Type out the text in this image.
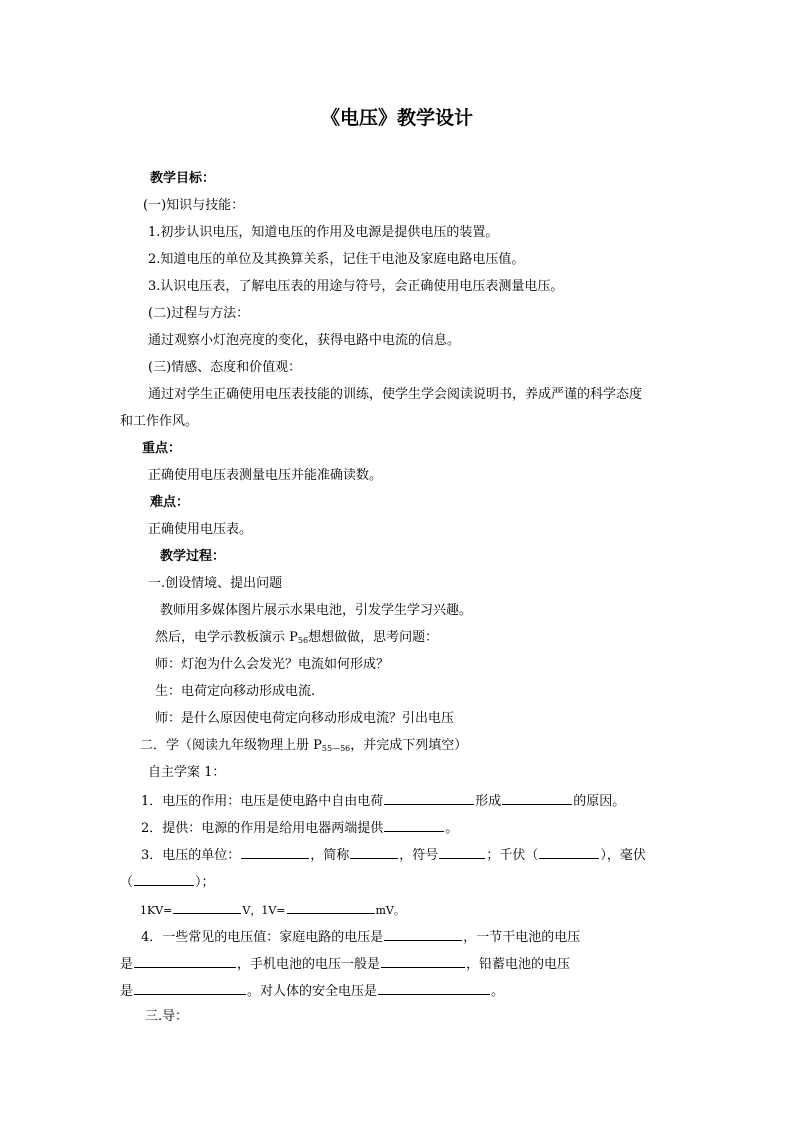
《电压》教学设计
教学目标：
(一)知识与技能：
1.初步认识电压，知道电压的作用及电源是提供电压的装置。
2.知道电压的单位及其换算关系，记住干电池及家庭电路电压值。
3.认识电压表，了解电压表的用途与符号，会正确使用电压表测量电压。
(二)过程与方法：
通过观察小灯泡亮度的变化，获得电路中电流的信息。
(三)情感、态度和价值观：
通过对学生正确使用电压表技能的训练，使学生学会阅读说明书，养成严谨的科学态度
和工作作风。
重点：
正确使用电压表测量电压并能准确读数。
难点：
正确使用电压表。
教学过程：
一.创设情境、提出问题
教师用多媒体图片展示水果电池，引发学生学习兴趣。
然后，电学示教板演示 $P_{56}$想想做做，思考问题：
师：灯泡为什么会发光？电流如何形成？
生：电荷定向移动形成电流.
师：是什么原因使电荷定向移动形成电流？引出电压
二．学（阅读九年级物理上册 $P_{55—56}$，并完成下列填空）
自主学案 1：
1．电压的作用：电压是使电路中自由电荷	形成	的原因。
2．提供：电源的作用是给用电器两端提供	。
3．电压的单位：	，简称	，符号	；千伏（	），毫伏
（	）；
1KV=	V，1V=	mV。
4．一些常见的电压值：家庭电路的电压是	，一节干电池的电压
是	，手机电池的电压一般是	，铅蓄电池的电压
是	。对人体的安全电压是	。
三.导：
